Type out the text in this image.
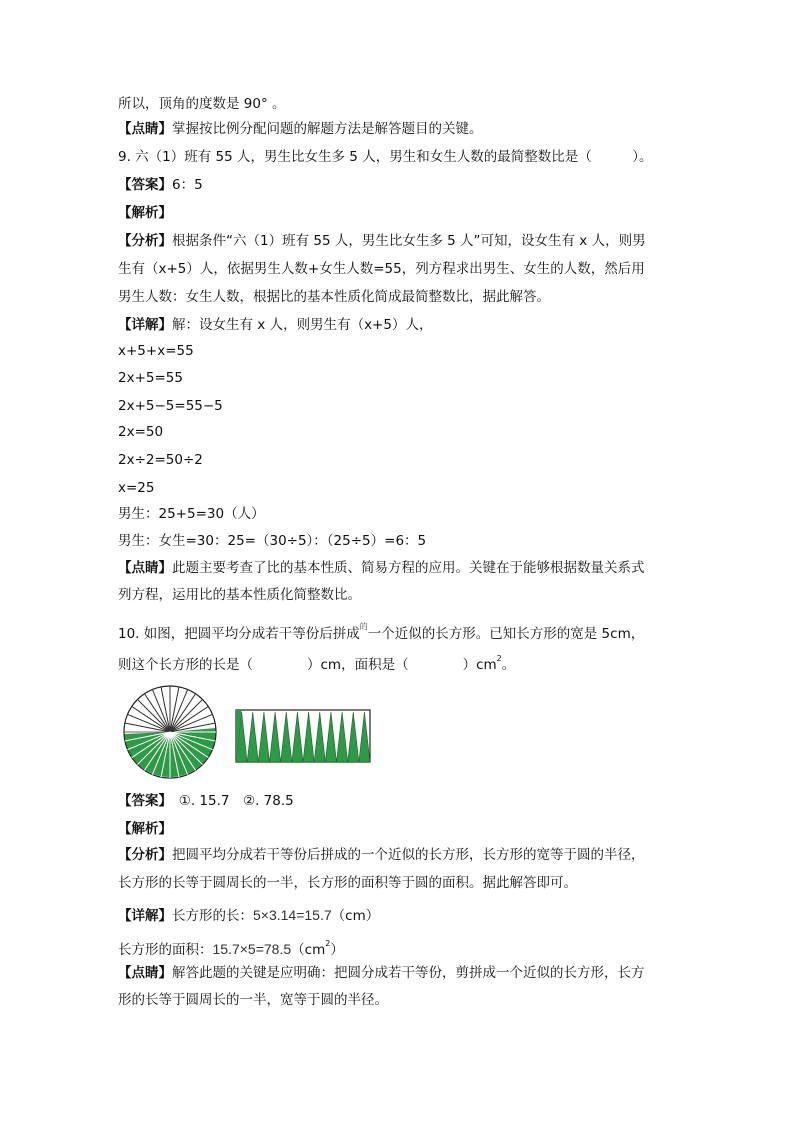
所以，顶角的度数是 90° 。
【点睛】掌握按比例分配问题的解题方法是解答题目的关键。
9. 六（1）班有 55 人，男生比女生多 5 人，男生和女生人数的最简整数比是（　　　）。
【答案】6：5
【解析】
【分析】根据条件“六（1）班有 55 人，男生比女生多 5 人”可知，设女生有 x 人，则男
生有（x+5）人，依据男生人数+女生人数=55，列方程求出男生、女生的人数，然后用
男生人数：女生人数，根据比的基本性质化简成最简整数比，据此解答。
【详解】解：设女生有 x 人，则男生有（x+5）人，
x+5+x=55
2x+5=55
2x+5−5=55−5
2x=50
2x÷2=50÷2
x=25
男生：25+5=30（人）
男生：女生=30：25=（30÷5）：（25÷5）=6：5
【点睛】此题主要考查了比的基本性质、简易方程的应用。关键在于能够根据数量关系式
列方程，运用比的基本性质化简整数比。
10. 如图，把圆平均分成若干等份后拼成$^的$一个近似的长方形。已知长方形的宽是 5cm，
则这个长方形的长是（　　　　）cm，面积是（　　　　）$cm^2$。
【答案】　①. 15.7　②. 78.5
【解析】
【分析】把圆平均分成若干等份后拼成的一个近似的长方形，长方形的宽等于圆的半径，
长方形的长等于圆周长的一半，长方形的面积等于圆的面积。据此解答即可。
【详解】长方形的长：5×3.14=15.7（cm）
长方形的面积：$15.7\times 5=78.5(cm^2)$
【点睛】解答此题的关键是应明确：把圆分成若干等份，剪拼成一个近似的长方形，长方
形的长等于圆周长的一半，宽等于圆的半径。
